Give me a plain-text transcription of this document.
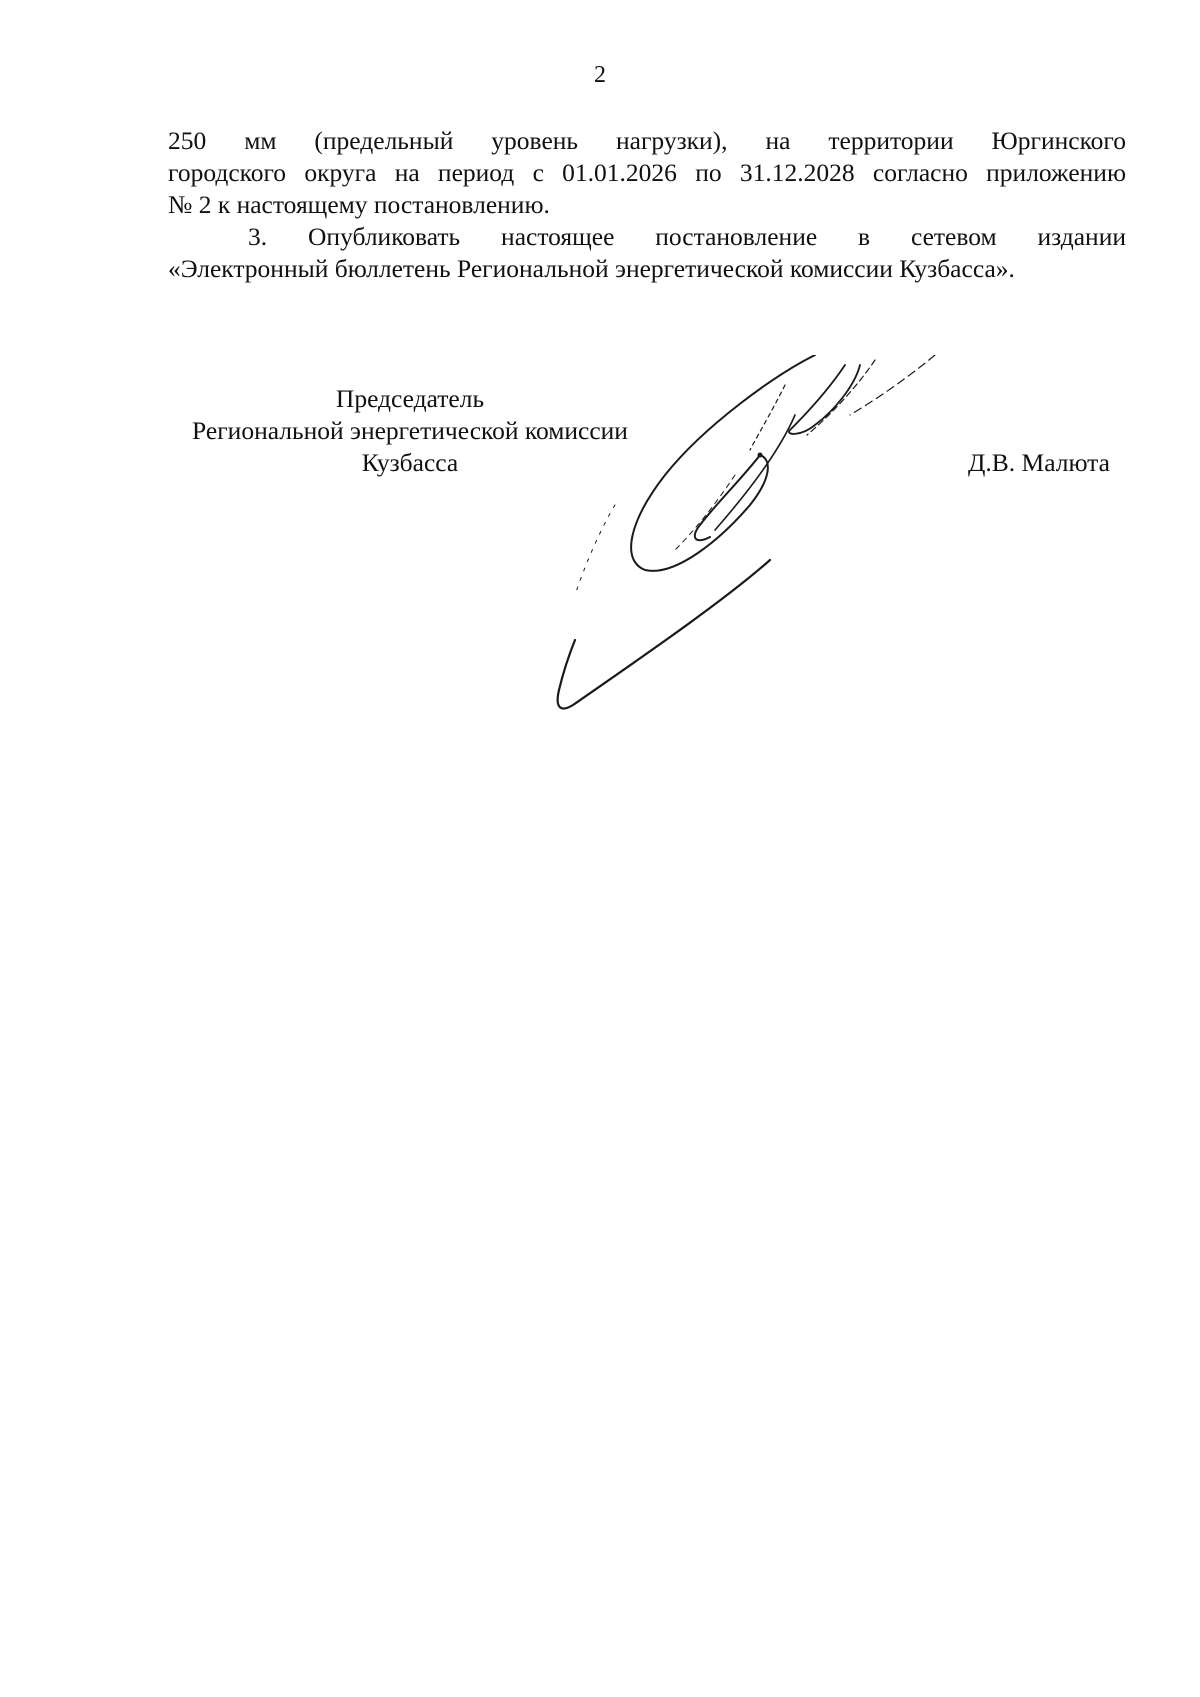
2

250 мм (предельный уровень нагрузки), на территории Юргинского
городского округа на период с 01.01.2026 по 31.12.2028 согласно приложению
№ 2 к настоящему постановлению.

3. Опубликовать настоящее постановление в сетевом издании
«Электронный бюллетень Региональной энергетической комиссии Кузбасса».

Председатель
Региональной энергетической комиссии
Кузбасса	Д.В. Малюта
